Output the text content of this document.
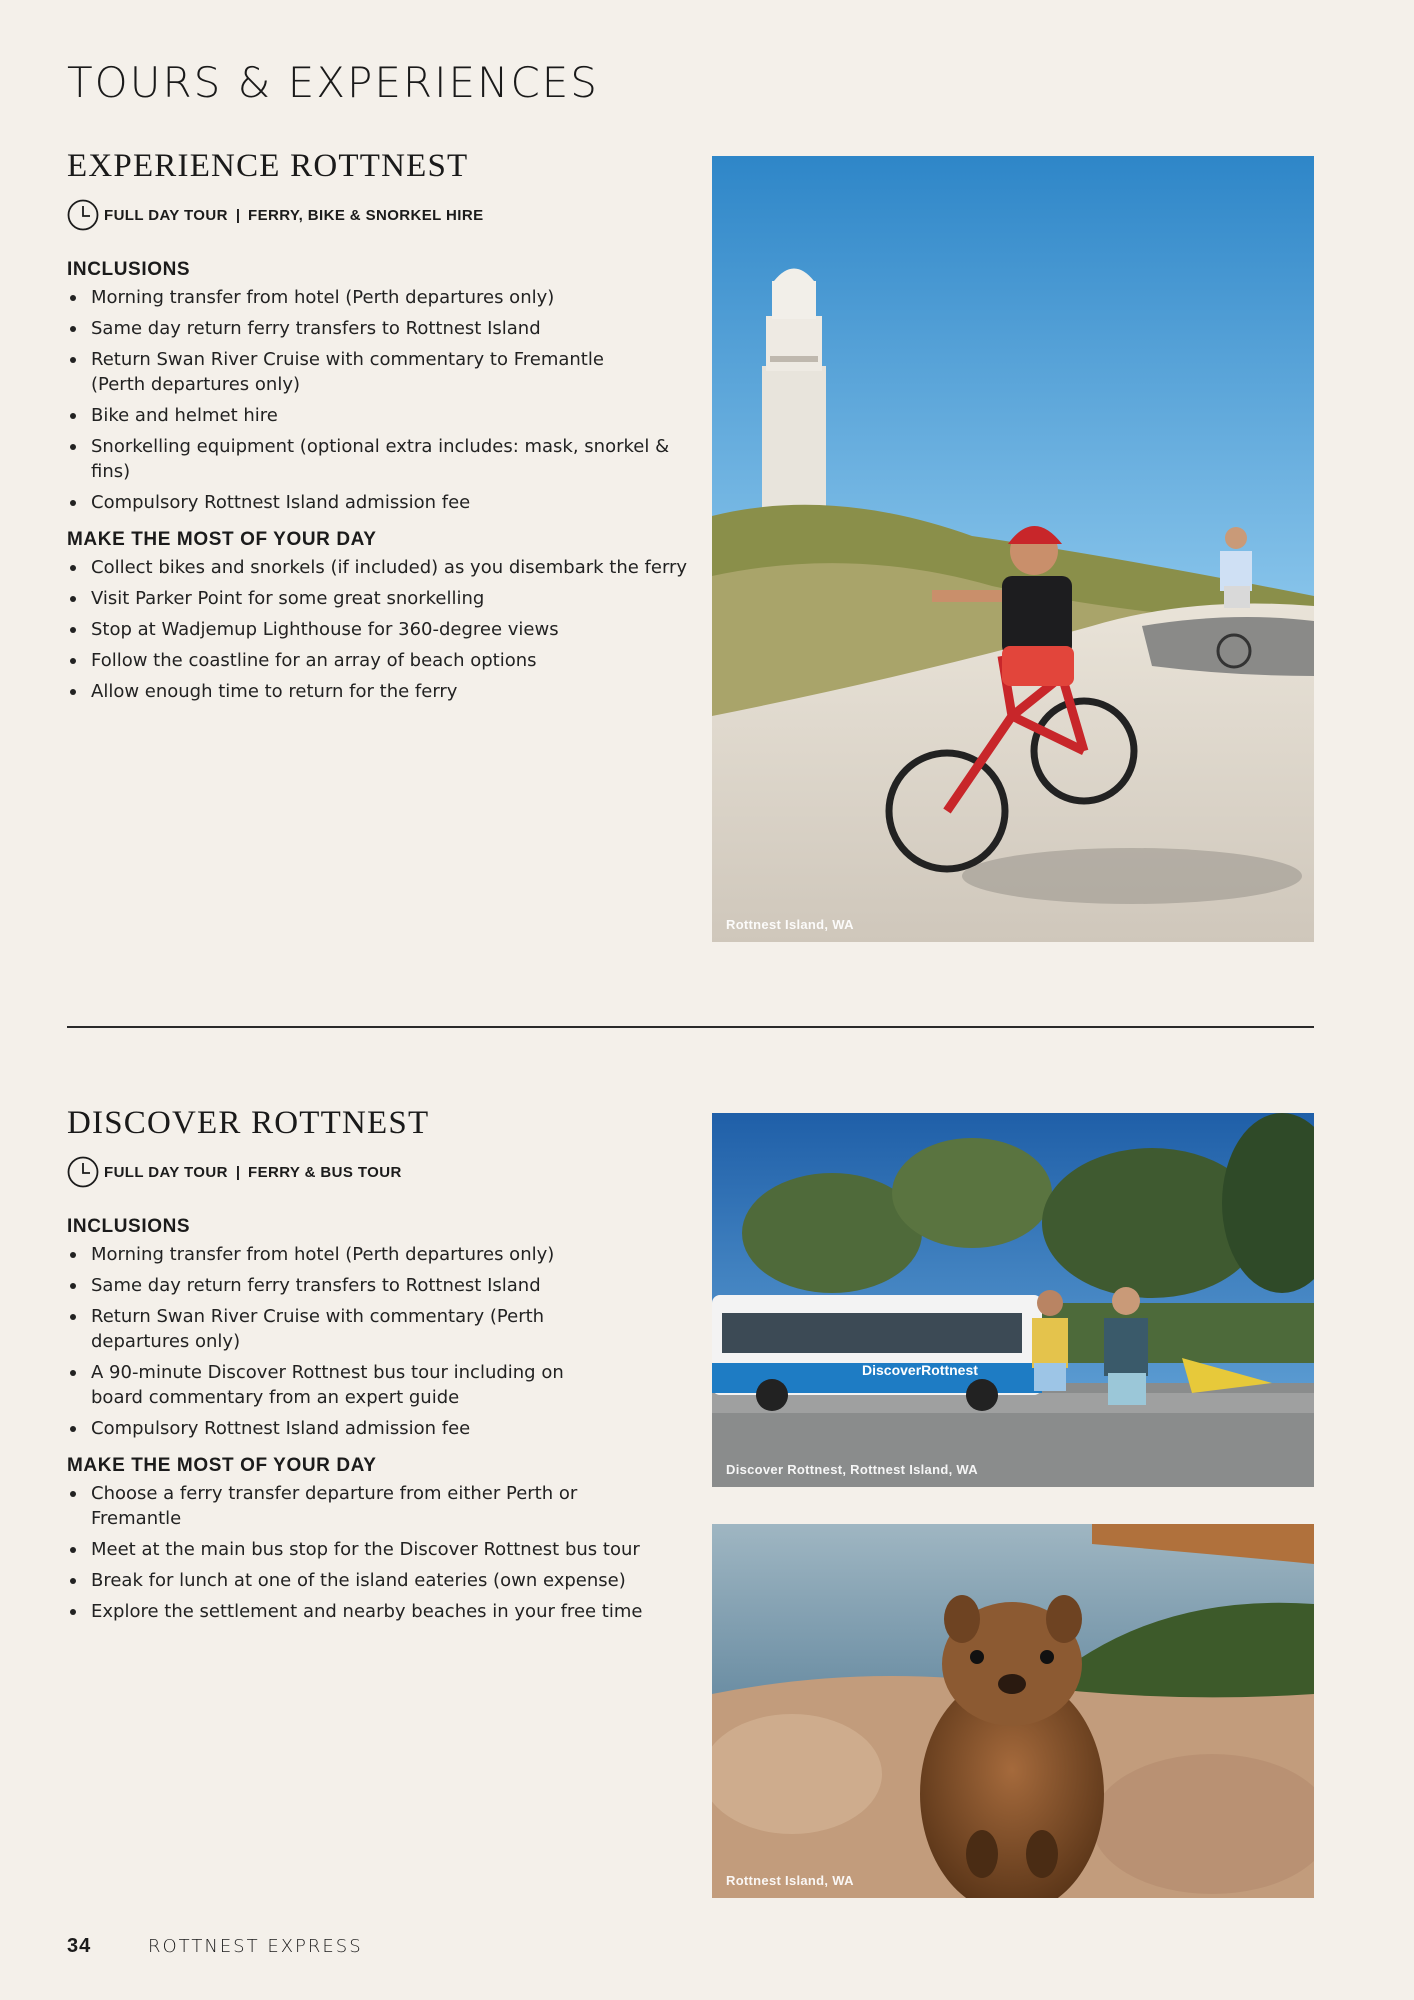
TOURS & EXPERIENCES
EXPERIENCE ROTTNEST
FULL DAY TOUR | FERRY, BIKE & SNORKEL HIRE
INCLUSIONS
Morning transfer from hotel (Perth departures only)
Same day return ferry transfers to Rottnest Island
Return Swan River Cruise with commentary to Fremantle (Perth departures only)
Bike and helmet hire
Snorkelling equipment (optional extra includes: mask, snorkel & fins)
Compulsory Rottnest Island admission fee
MAKE THE MOST OF YOUR DAY
Collect bikes and snorkels (if included) as you disembark the ferry
Visit Parker Point for some great snorkelling
Stop at Wadjemup Lighthouse for 360-degree views
Follow the coastline for an array of beach options
Allow enough time to return for the ferry
Rottnest Island, WA
DISCOVER ROTTNEST
FULL DAY TOUR | FERRY & BUS TOUR
INCLUSIONS
Morning transfer from hotel (Perth departures only)
Same day return ferry transfers to Rottnest Island
Return Swan River Cruise with commentary (Perth departures only)
A 90-minute Discover Rottnest bus tour including on board commentary from an expert guide
Compulsory Rottnest Island admission fee
MAKE THE MOST OF YOUR DAY
Choose a ferry transfer departure from either Perth or Fremantle
Meet at the main bus stop for the Discover Rottnest bus tour
Break for lunch at one of the island eateries (own expense)
Explore the settlement and nearby beaches in your free time
DiscoverRottnest
Discover Rottnest, Rottnest Island, WA
Rottnest Island, WA
34	ROTTNEST EXPRESS
